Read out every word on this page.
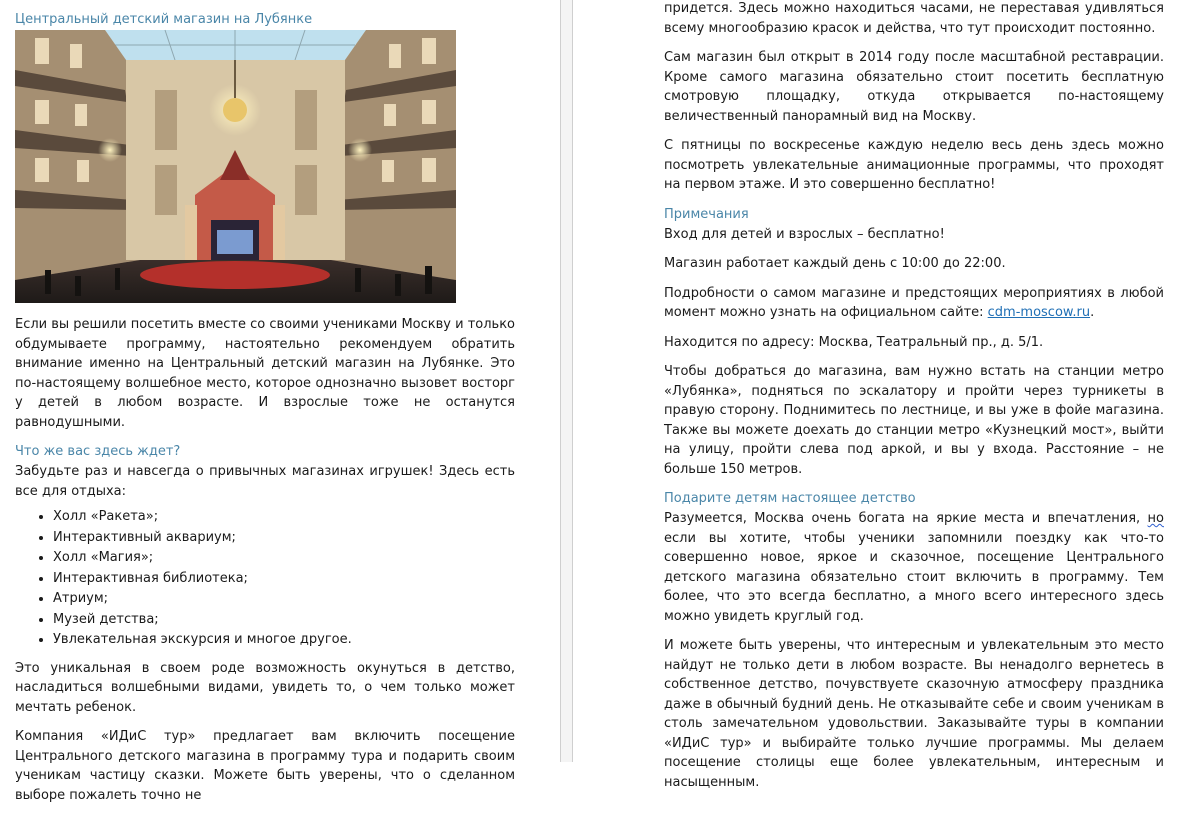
Центральный детский магазин на Лубянке

Если вы решили посетить вместе со своими учениками Москву и только обдумываете программу, настоятельно рекомендуем обратить внимание именно на Центральный детский магазин на Лубянке. Это по-настоящему волшебное место, которое однозначно вызовет восторг у детей в любом возрасте. И взрослые тоже не останутся равнодушными.

Что же вас здесь ждет?

Забудьте раз и навсегда о привычных магазинах игрушек! Здесь есть все для отдыха:

• Холл «Ракета»;
• Интерактивный аквариум;
• Холл «Магия»;
• Интерактивная библиотека;
• Атриум;
• Музей детства;
• Увлекательная экскурсия и многое другое.

Это уникальная в своем роде возможность окунуться в детство, насладиться волшебными видами, увидеть то, о чем только может мечтать ребенок.

Компания «ИДиС тур» предлагает вам включить посещение Центрального детского магазина в программу тура и подарить своим ученикам частицу сказки. Можете быть уверены, что о сделанном выборе пожалеть точно не

придется. Здесь можно находиться часами, не переставая удивляться всему многообразию красок и действа, что тут происходит постоянно.

Сам магазин был открыт в 2014 году после масштабной реставрации. Кроме самого магазина обязательно стоит посетить бесплатную смотровую площадку, откуда открывается по-настоящему величественный панорамный вид на Москву.

С пятницы по воскресенье каждую неделю весь день здесь можно посмотреть увлекательные анимационные программы, что проходят на первом этаже. И это совершенно бесплатно!

Примечания

Вход для детей и взрослых – бесплатно!

Магазин работает каждый день с 10:00 до 22:00.

Подробности о самом магазине и предстоящих мероприятиях в любой момент можно узнать на официальном сайте: cdm-moscow.ru.

Находится по адресу: Москва, Театральный пр., д. 5/1.

Чтобы добраться до магазина, вам нужно встать на станции метро «Лубянка», подняться по эскалатору и пройти через турникеты в правую сторону. Поднимитесь по лестнице, и вы уже в фойе магазина. Также вы можете доехать до станции метро «Кузнецкий мост», выйти на улицу, пройти слева под аркой, и вы у входа. Расстояние – не больше 150 метров.

Подарите детям настоящее детство

Разумеется, Москва очень богата на яркие места и впечатления, но если вы хотите, чтобы ученики запомнили поездку как что-то совершенно новое, яркое и сказочное, посещение Центрального детского магазина обязательно стоит включить в программу. Тем более, что это всегда бесплатно, а много всего интересного здесь можно увидеть круглый год.

И можете быть уверены, что интересным и увлекательным это место найдут не только дети в любом возрасте. Вы ненадолго вернетесь в собственное детство, почувствуете сказочную атмосферу праздника даже в обычный будний день. Не отказывайте себе и своим ученикам в столь замечательном удовольствии. Заказывайте туры в компании «ИДиС тур» и выбирайте только лучшие программы. Мы делаем посещение столицы еще более увлекательным, интересным и насыщенным.
